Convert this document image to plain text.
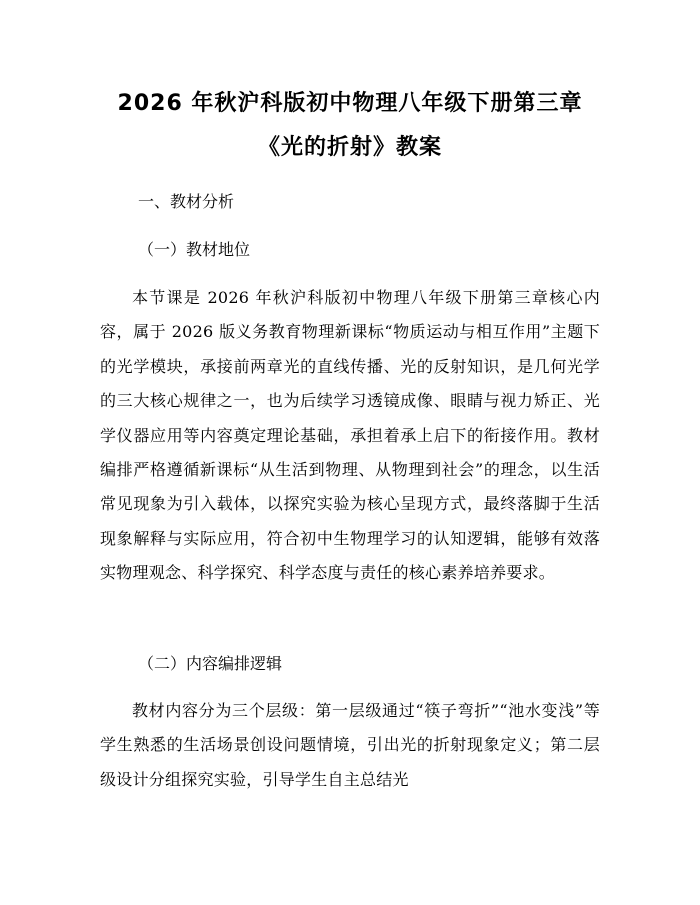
2026 年秋沪科版初中物理八年级下册第三章
《光的折射》教案
一、教材分析
（一）教材地位

本节课是 2026 年秋沪科版初中物理八年级下册第三章核心内容，属于 2026 版义务教育物理新课标“物质运动与相互作用”主题下的光学模块，承接前两章光的直线传播、光的反射知识，是几何光学的三大核心规律之一，也为后续学习透镜成像、眼睛与视力矫正、光学仪器应用等内容奠定理论基础，承担着承上启下的衔接作用。教材编排严格遵循新课标“从生活到物理、从物理到社会”的理念，以生活常见现象为引入载体，以探究实验为核心呈现方式，最终落脚于生活现象解释与实际应用，符合初中生物理学习的认知逻辑，能够有效落实物理观念、科学探究、科学态度与责任的核心素养培养要求。

（二）内容编排逻辑

教材内容分为三个层级：第一层级通过“筷子弯折”“池水变浅”等学生熟悉的生活场景创设问题情境，引出光的折射现象定义；第二层级设计分组探究实验，引导学生自主总结光
